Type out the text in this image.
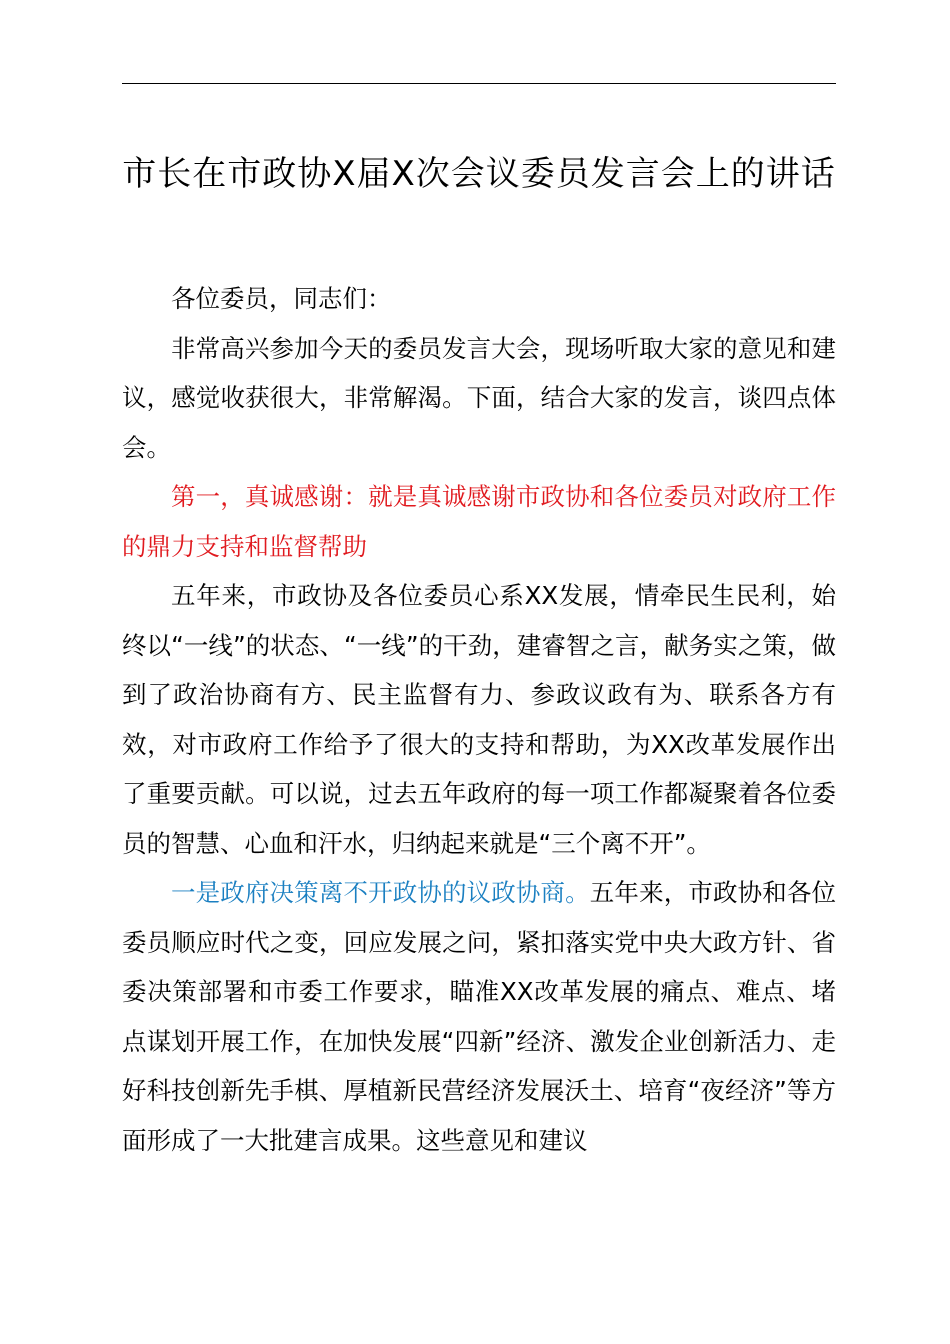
市长在市政协X届X次会议委员发言会上的讲话

各位委员，同志们：

非常高兴参加今天的委员发言大会，现场听取大家的意见和建议，感觉收获很大，非常解渴。下面，结合大家的发言，谈四点体会。

第一，真诚感谢：就是真诚感谢市政协和各位委员对政府工作的鼎力支持和监督帮助

五年来，市政协及各位委员心系XX发展，情牵民生民利，始终以“一线”的状态、“一线”的干劲，建睿智之言，献务实之策，做到了政治协商有方、民主监督有力、参政议政有为、联系各方有效，对市政府工作给予了很大的支持和帮助，为XX改革发展作出了重要贡献。可以说，过去五年政府的每一项工作都凝聚着各位委员的智慧、心血和汗水，归纳起来就是“三个离不开”。

一是政府决策离不开政协的议政协商。五年来，市政协和各位委员顺应时代之变，回应发展之问，紧扣落实党中央大政方针、省委决策部署和市委工作要求，瞄准XX改革发展的痛点、难点、堵点谋划开展工作，在加快发展“四新”经济、激发企业创新活力、走好科技创新先手棋、厚植新民营经济发展沃土、培育“夜经济”等方面形成了一大批建言成果。这些意见和建议
